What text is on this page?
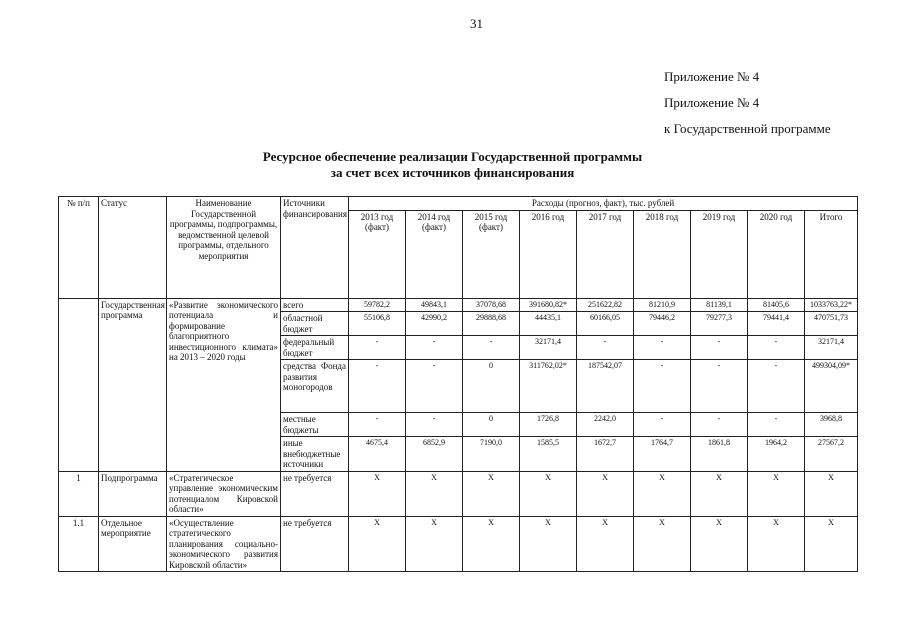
31
Приложение № 4
Приложение № 4
к Государственной программе
Ресурсное обеспечение реализации Государственной программы
за счет всех источников финансирования
№ п/п	Статус	Наименование Государственной программы, подпрограммы, ведомственной целевой программы, отдельного мероприятия	Источники финансирования	Расходы (прогноз, факт), тыс. рублей								
				2013 год (факт)	2014 год (факт)	2015 год (факт)	2016 год	2017 год	2018 год	2019 год	2020 год	Итого
	Государственная программа	«Развитие экономического потенциала и формирование благоприятного инвестиционного климата» на 2013 – 2020 годы	всего	59782,2	49843,1	37078,68	391680,82*	251622,82	81210,9	81139,1	81405,6	1033763,22*
			областной бюджет	55106,8	42990,2	29888,68	44435,1	60166,05	79446,2	79277,3	79441,4	470751,73
			федеральный бюджет	-	-	-	32171,4	-	-	-	-	32171,4
			средства Фонда развития моногородов	-	-	0	311762,02*	187542,07	-	-	-	499304,09*
			местные бюджеты	-	-	0	1726,8	2242,0	-	-	-	3968,8
			иные внебюджетные источники	4675,4	6852,9	7190,0	1585,5	1672,7	1764,7	1861,8	1964,2	27567,2
1	Подпрограмма	«Стратегическое управление экономическим потенциалом Кировской области»	не требуется	X	X	X	X	X	X	X	X	X
1.1	Отдельное мероприятие	«Осуществление стратегического планирования социально-экономического развития Кировской области»	не требуется	X	X	X	X	X	X	X	X	X
